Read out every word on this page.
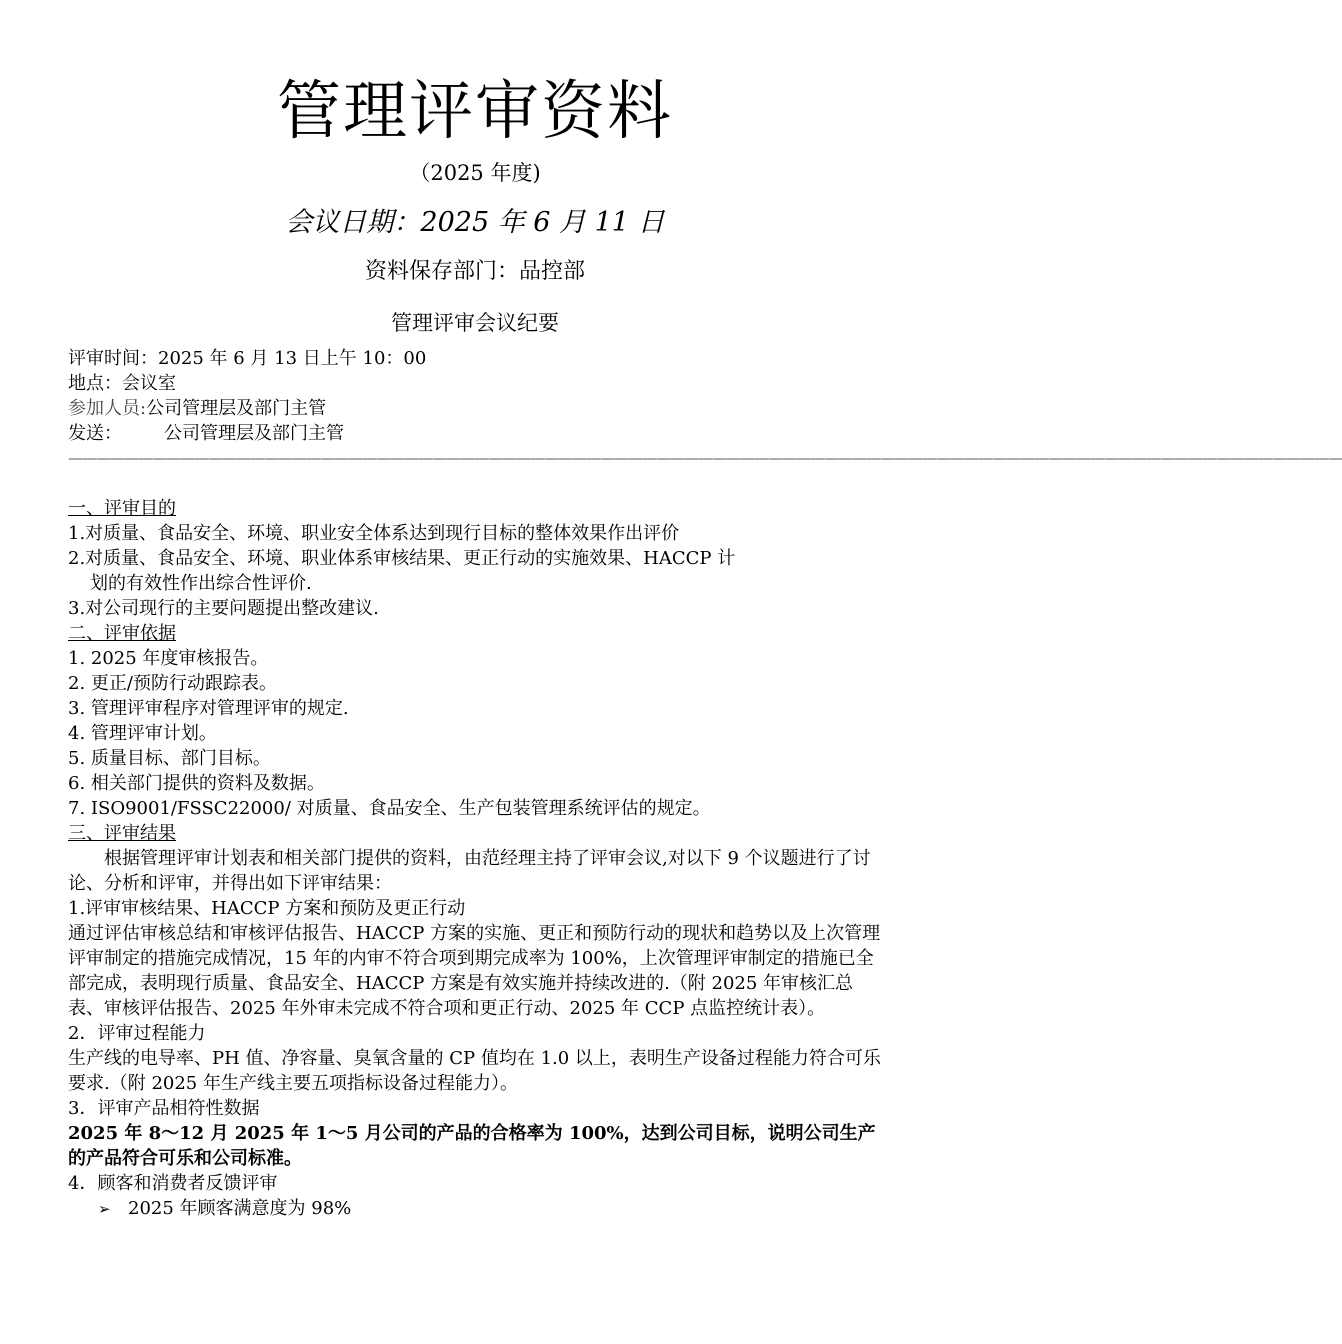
管理评审资料
（2025 年度)
会议日期：2025 年 6 月 11 日
资料保存部门：品控部
管理评审会议纪要
评审时间：2025 年 6 月 13 日上午 10：00
地点：会议室
参加人员:公司管理层及部门主管
发送： 公司管理层及部门主管
———————————————————————————————————————————————————————————————————————————————————————————
一、评审目的
1.对质量、食品安全、环境、职业安全体系达到现行目标的整体效果作出评价
2.对质量、食品安全、环境、职业体系审核结果、更正行动的实施效果、HACCP 计
划的有效性作出综合性评价.
3.对公司现行的主要问题提出整改建议.
二、评审依据
1. 2025 年度审核报告。
2. 更正/预防行动跟踪表。
3. 管理评审程序对管理评审的规定.
4. 管理评审计划。
5. 质量目标、部门目标。
6. 相关部门提供的资料及数据。
7. ISO9001/FSSC22000/ 对质量、食品安全、生产包装管理系统评估的规定。
三、评审结果
根据管理评审计划表和相关部门提供的资料，由范经理主持了评审会议,对以下 9 个议题进行了讨论、分析和评审，并得出如下评审结果：
1.评审审核结果、HACCP 方案和预防及更正行动
通过评估审核总结和审核评估报告、HACCP 方案的实施、更正和预防行动的现状和趋势以及上次管理评审制定的措施完成情况，15 年的内审不符合项到期完成率为 100%，上次管理评审制定的措施已全部完成，表明现行质量、食品安全、HACCP 方案是有效实施并持续改进的.（附 2025 年审核汇总表、审核评估报告、2025 年外审未完成不符合项和更正行动、2025 年 CCP 点监控统计表）。
2．评审过程能力
生产线的电导率、PH 值、净容量、臭氧含量的 CP 值均在 1.0 以上，表明生产设备过程能力符合可乐要求.（附 2025 年生产线主要五项指标设备过程能力）。
3．评审产品相符性数据
2025 年 8～12 月 2025 年 1～5 月公司的产品的合格率为 100%，达到公司目标，说明公司生产的产品符合可乐和公司标准。
4．顾客和消费者反馈评审
➢ 2025 年顾客满意度为 98%
